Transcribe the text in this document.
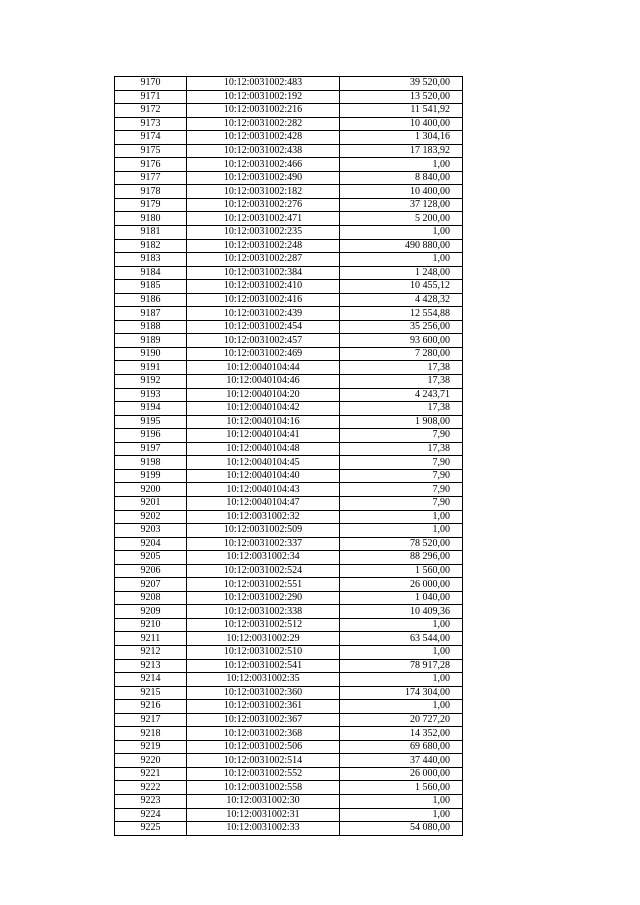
9170	10:12:0031002:483	39 520,00
9171	10:12:0031002:192	13 520,00
9172	10:12:0031002:216	11 541,92
9173	10:12:0031002:282	10 400,00
9174	10:12:0031002:428	1 304,16
9175	10:12:0031002:438	17 183,92
9176	10:12:0031002:466	1,00
9177	10:12:0031002:490	8 840,00
9178	10:12:0031002:182	10 400,00
9179	10:12:0031002:276	37 128,00
9180	10:12:0031002:471	5 200,00
9181	10:12:0031002:235	1,00
9182	10:12:0031002:248	490 880,00
9183	10:12:0031002:287	1,00
9184	10:12:0031002:384	1 248,00
9185	10:12:0031002:410	10 455,12
9186	10:12:0031002:416	4 428,32
9187	10:12:0031002:439	12 554,88
9188	10:12:0031002:454	35 256,00
9189	10:12:0031002:457	93 600,00
9190	10:12:0031002:469	7 280,00
9191	10:12:0040104:44	17,38
9192	10:12:0040104:46	17,38
9193	10:12:0040104:20	4 243,71
9194	10:12:0040104:42	17,38
9195	10:12:0040104:16	1 908,00
9196	10:12:0040104:41	7,90
9197	10:12:0040104:48	17,38
9198	10:12:0040104:45	7,90
9199	10:12:0040104:40	7,90
9200	10:12:0040104:43	7,90
9201	10:12:0040104:47	7,90
9202	10:12:0031002:32	1,00
9203	10:12:0031002:509	1,00
9204	10:12:0031002:337	78 520,00
9205	10:12:0031002:34	88 296,00
9206	10:12:0031002:524	1 560,00
9207	10:12:0031002:551	26 000,00
9208	10:12:0031002:290	1 040,00
9209	10:12:0031002:338	10 409,36
9210	10:12:0031002:512	1,00
9211	10:12:0031002:29	63 544,00
9212	10:12:0031002:510	1,00
9213	10:12:0031002:541	78 917,28
9214	10:12:0031002:35	1,00
9215	10:12:0031002:360	174 304,00
9216	10:12:0031002:361	1,00
9217	10:12:0031002:367	20 727,20
9218	10:12:0031002:368	14 352,00
9219	10:12:0031002:506	69 680,00
9220	10:12:0031002:514	37 440,00
9221	10:12:0031002:552	26 000,00
9222	10:12:0031002:558	1 560,00
9223	10:12:0031002:30	1,00
9224	10:12:0031002:31	1,00
9225	10:12:0031002:33	54 080,00
